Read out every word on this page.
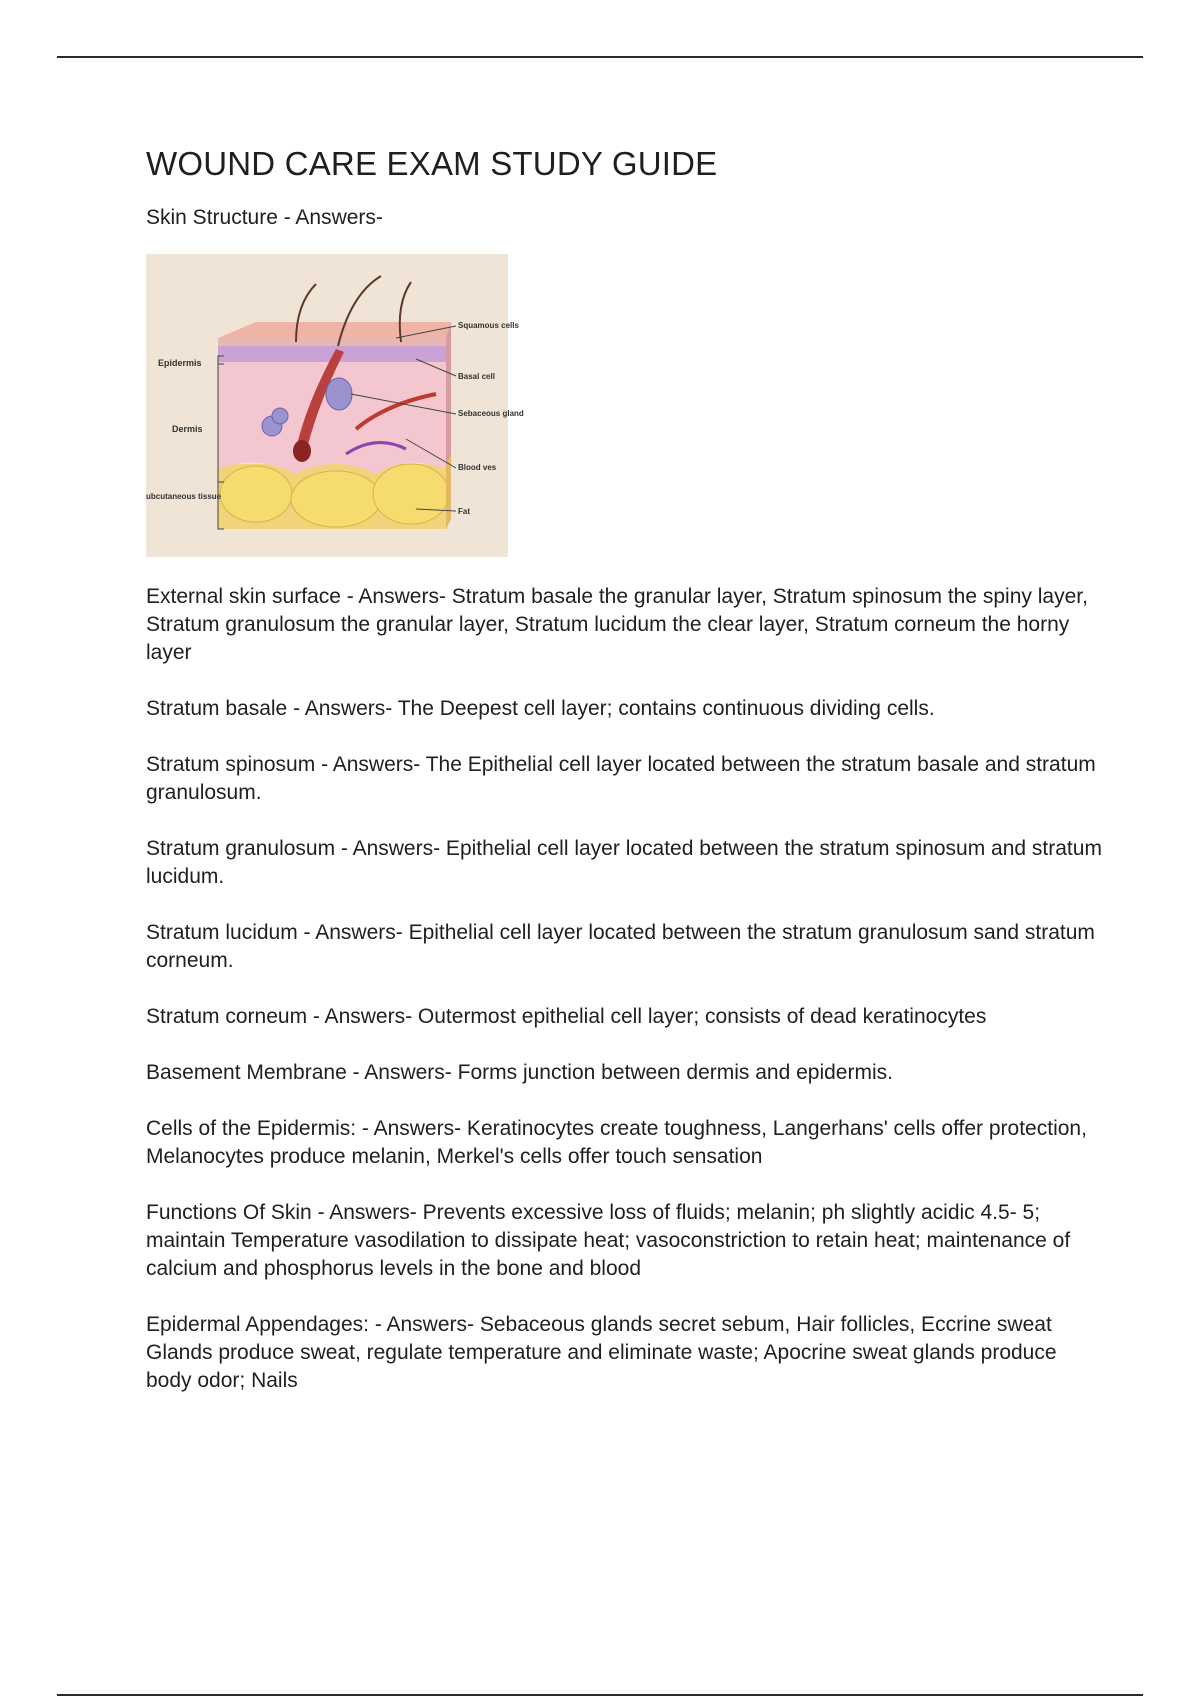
WOUND CARE EXAM STUDY GUIDE
Skin Structure - Answers-
Epidermis
Dermis
ubcutaneous tissue
Squamous cells
Basal cell
Sebaceous gland
Blood ves
Fat

External skin surface - Answers- Stratum basale the granular layer, Stratum spinosum the spiny layer, Stratum granulosum the granular layer, Stratum lucidum the clear layer, Stratum corneum the horny layer

Stratum basale - Answers- The Deepest cell layer; contains continuous dividing cells.

Stratum spinosum - Answers- The Epithelial cell layer located between the stratum basale and stratum granulosum.

Stratum granulosum - Answers- Epithelial cell layer located between the stratum spinosum and stratum lucidum.

Stratum lucidum - Answers- Epithelial cell layer located between the stratum granulosum sand stratum corneum.

Stratum corneum - Answers- Outermost epithelial cell layer; consists of dead keratinocytes

Basement Membrane - Answers- Forms junction between dermis and epidermis.

Cells of the Epidermis: - Answers- Keratinocytes create toughness, Langerhans' cells offer protection, Melanocytes produce melanin, Merkel's cells offer touch sensation

Functions Of Skin - Answers- Prevents excessive loss of fluids; melanin; ph slightly acidic 4.5- 5; maintain Temperature vasodilation to dissipate heat; vasoconstriction to retain heat; maintenance of calcium and phosphorus levels in the bone and blood

Epidermal Appendages: - Answers- Sebaceous glands secret sebum, Hair follicles, Eccrine sweat Glands produce sweat, regulate temperature and eliminate waste; Apocrine sweat glands produce body odor; Nails
